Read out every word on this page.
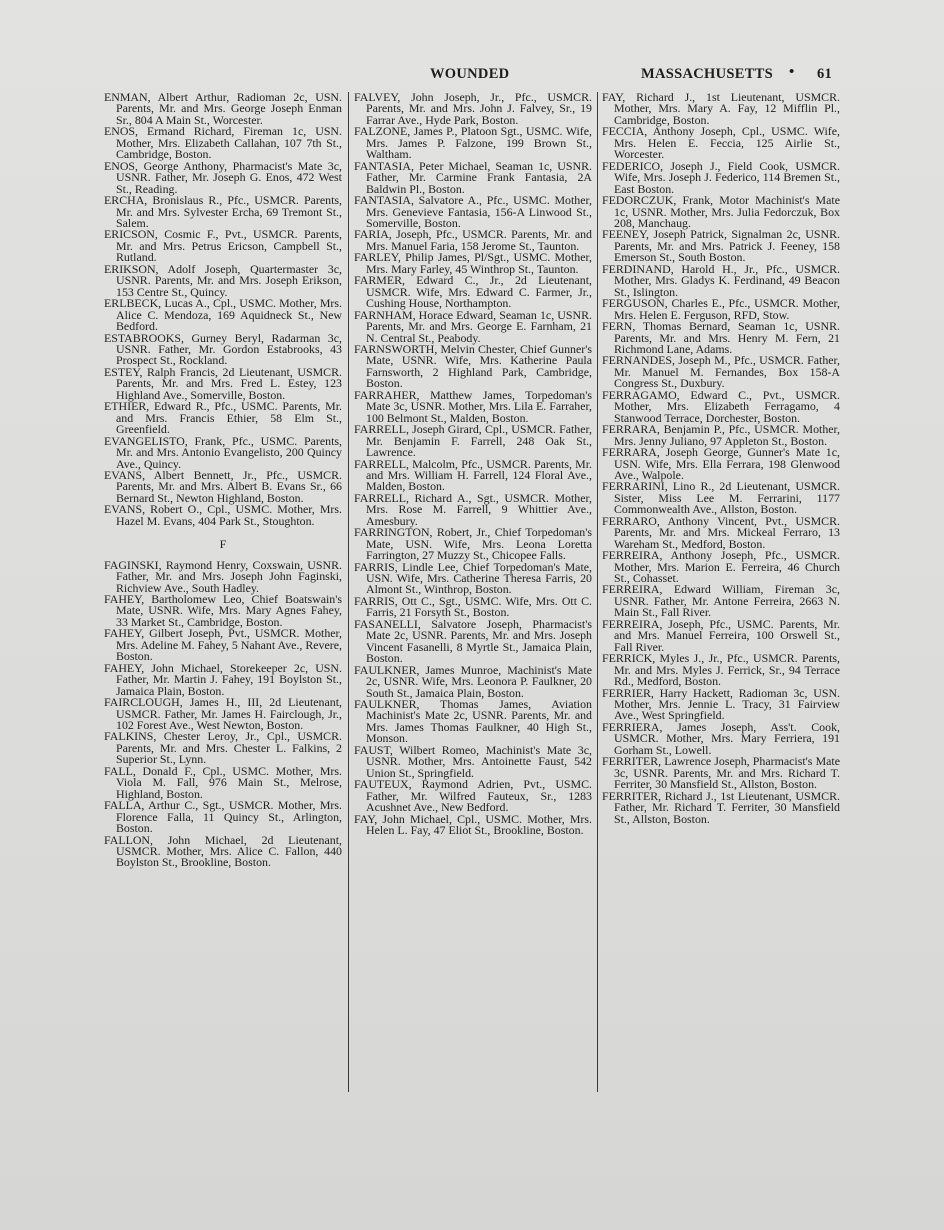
WOUNDED	MASSACHUSETTS • 61

ENMAN, Albert Arthur, Radioman 2c, USN. Parents, Mr. and Mrs. George Joseph Enman Sr., 804 A Main St., Worcester.

ENOS, Ermand Richard, Fireman 1c, USN. Mother, Mrs. Elizabeth Callahan, 107 7th St., Cambridge, Boston.

ENOS, George Anthony, Pharmacist's Mate 3c, USNR. Father, Mr. Joseph G. Enos, 472 West St., Reading.

ERCHA, Bronislaus R., Pfc., USMCR. Parents, Mr. and Mrs. Sylvester Ercha, 69 Tremont St., Salem.

ERICSON, Cosmic F., Pvt., USMCR. Parents, Mr. and Mrs. Petrus Ericson, Campbell St., Rutland.

ERIKSON, Adolf Joseph, Quartermaster 3c, USNR. Parents, Mr. and Mrs. Joseph Erikson, 153 Centre St., Quincy.

ERLBECK, Lucas A., Cpl., USMC. Mother, Mrs. Alice C. Mendoza, 169 Aquidneck St., New Bedford.

ESTABROOKS, Gurney Beryl, Radarman 3c, USNR. Father, Mr. Gordon Estabrooks, 43 Prospect St., Rockland.

ESTEY, Ralph Francis, 2d Lieutenant, USMCR. Parents, Mr. and Mrs. Fred L. Estey, 123 Highland Ave., Somerville, Boston.

ETHIER, Edward R., Pfc., USMC. Parents, Mr. and Mrs. Francis Ethier, 58 Elm St., Greenfield.

EVANGELISTO, Frank, Pfc., USMC. Parents, Mr. and Mrs. Antonio Evangelisto, 200 Quincy Ave., Quincy.

EVANS, Albert Bennett, Jr., Pfc., USMCR. Parents, Mr. and Mrs. Albert B. Evans Sr., 66 Bernard St., Newton Highland, Boston.

EVANS, Robert O., Cpl., USMC. Mother, Mrs. Hazel M. Evans, 404 Park St., Stoughton.

F

FAGINSKI, Raymond Henry, Coxswain, USNR. Father, Mr. and Mrs. Joseph John Faginski, Richview Ave., South Hadley.

FAHEY, Bartholomew Leo, Chief Boatswain's Mate, USNR. Wife, Mrs. Mary Agnes Fahey, 33 Market St., Cambridge, Boston.

FAHEY, Gilbert Joseph, Pvt., USMCR. Mother, Mrs. Adeline M. Fahey, 5 Nahant Ave., Revere, Boston.

FAHEY, John Michael, Storekeeper 2c, USN. Father, Mr. Martin J. Fahey, 191 Boylston St., Jamaica Plain, Boston.

FAIRCLOUGH, James H., III, 2d Lieutenant, USMCR. Father, Mr. James H. Fairclough, Jr., 102 Forest Ave., West Newton, Boston.

FALKINS, Chester Leroy, Jr., Cpl., USMCR. Parents, Mr. and Mrs. Chester L. Falkins, 2 Superior St., Lynn.

FALL, Donald F., Cpl., USMC. Mother, Mrs. Viola M. Fall, 976 Main St., Melrose, Highland, Boston.

FALLA, Arthur C., Sgt., USMCR. Mother, Mrs. Florence Falla, 11 Quincy St., Arlington, Boston.

FALLON, John Michael, 2d Lieutenant, USMCR. Mother, Mrs. Alice C. Fallon, 440 Boylston St., Brookline, Boston.

FALVEY, John Joseph, Jr., Pfc., USMCR. Parents, Mr. and Mrs. John J. Falvey, Sr., 19 Farrar Ave., Hyde Park, Boston.

FALZONE, James P., Platoon Sgt., USMC. Wife, Mrs. James P. Falzone, 199 Brown St., Waltham.

FANTASIA, Peter Michael, Seaman 1c, USNR. Father, Mr. Carmine Frank Fantasia, 2A Baldwin Pl., Boston.

FANTASIA, Salvatore A., Pfc., USMC. Mother, Mrs. Genevieve Fantasia, 156-A Linwood St., Somerville, Boston.

FARIA, Joseph, Pfc., USMCR. Parents, Mr. and Mrs. Manuel Faria, 158 Jerome St., Taunton.

FARLEY, Philip James, Pl/Sgt., USMC. Mother, Mrs. Mary Farley, 45 Winthrop St., Taunton.

FARMER, Edward C., Jr., 2d Lieutenant, USMCR. Wife, Mrs. Edward C. Farmer, Jr., Cushing House, Northampton.

FARNHAM, Horace Edward, Seaman 1c, USNR. Parents, Mr. and Mrs. George E. Farnham, 21 N. Central St., Peabody.

FARNSWORTH, Melvin Chester, Chief Gunner's Mate, USNR. Wife, Mrs. Katherine Paula Farnsworth, 2 Highland Park, Cambridge, Boston.

FARRAHER, Matthew James, Torpedoman's Mate 3c, USNR. Mother, Mrs. Lila E. Farraher, 100 Belmont St., Malden, Boston.

FARRELL, Joseph Girard, Cpl., USMCR. Father, Mr. Benjamin F. Farrell, 248 Oak St., Lawrence.

FARRELL, Malcolm, Pfc., USMCR. Parents, Mr. and Mrs. William H. Farrell, 124 Floral Ave., Malden, Boston.

FARRELL, Richard A., Sgt., USMCR. Mother, Mrs. Rose M. Farrell, 9 Whittier Ave., Amesbury.

FARRINGTON, Robert, Jr., Chief Torpedoman's Mate, USN. Wife, Mrs. Leona Loretta Farrington, 27 Muzzy St., Chicopee Falls.

FARRIS, Lindle Lee, Chief Torpedoman's Mate, USN. Wife, Mrs. Catherine Theresa Farris, 20 Almont St., Winthrop, Boston.

FARRIS, Ott C., Sgt., USMC. Wife, Mrs. Ott C. Farris, 21 Forsyth St., Boston.

FASANELLI, Salvatore Joseph, Pharmacist's Mate 2c, USNR. Parents, Mr. and Mrs. Joseph Vincent Fasanelli, 8 Myrtle St., Jamaica Plain, Boston.

FAULKNER, James Munroe, Machinist's Mate 2c, USNR. Wife, Mrs. Leonora P. Faulkner, 20 South St., Jamaica Plain, Boston.

FAULKNER, Thomas James, Aviation Machinist's Mate 2c, USNR. Parents, Mr. and Mrs. James Thomas Faulkner, 40 High St., Monson.

FAUST, Wilbert Romeo, Machinist's Mate 3c, USNR. Mother, Mrs. Antoinette Faust, 542 Union St., Springfield.

FAUTEUX, Raymond Adrien, Pvt., USMC. Father, Mr. Wilfred Fauteux, Sr., 1283 Acushnet Ave., New Bedford.

FAY, John Michael, Cpl., USMC. Mother, Mrs. Helen L. Fay, 47 Eliot St., Brookline, Boston.

FAY, Richard J., 1st Lieutenant, USMCR. Mother, Mrs. Mary A. Fay, 12 Mifflin Pl., Cambridge, Boston.

FECCIA, Anthony Joseph, Cpl., USMC. Wife, Mrs. Helen E. Feccia, 125 Airlie St., Worcester.

FEDERICO, Joseph J., Field Cook, USMCR. Wife, Mrs. Joseph J. Federico, 114 Bremen St., East Boston.

FEDORCZUK, Frank, Motor Machinist's Mate 1c, USNR. Mother, Mrs. Julia Fedorczuk, Box 208, Manchaug.

FEENEY, Joseph Patrick, Signalman 2c, USNR. Parents, Mr. and Mrs. Patrick J. Feeney, 158 Emerson St., South Boston.

FERDINAND, Harold H., Jr., Pfc., USMCR. Mother, Mrs. Gladys K. Ferdinand, 49 Beacon St., Islington.

FERGUSON, Charles E., Pfc., USMCR. Mother, Mrs. Helen E. Ferguson, RFD, Stow.

FERN, Thomas Bernard, Seaman 1c, USNR. Parents, Mr. and Mrs. Henry M. Fern, 21 Richmond Lane, Adams.

FERNANDES, Joseph M., Pfc., USMCR. Father, Mr. Manuel M. Fernandes, Box 158-A Congress St., Duxbury.

FERRAGAMO, Edward C., Pvt., USMCR. Mother, Mrs. Elizabeth Ferragamo, 4 Stanwood Terrace, Dorchester, Boston.

FERRARA, Benjamin P., Pfc., USMCR. Mother, Mrs. Jenny Juliano, 97 Appleton St., Boston.

FERRARA, Joseph George, Gunner's Mate 1c, USN. Wife, Mrs. Ella Ferrara, 198 Glenwood Ave., Walpole.

FERRARINI, Lino R., 2d Lieutenant, USMCR. Sister, Miss Lee M. Ferrarini, 1177 Commonwealth Ave., Allston, Boston.

FERRARO, Anthony Vincent, Pvt., USMCR. Parents, Mr. and Mrs. Mickeal Ferraro, 13 Wareham St., Medford, Boston.

FERREIRA, Anthony Joseph, Pfc., USMCR. Mother, Mrs. Marion E. Ferreira, 46 Church St., Cohasset.

FERREIRA, Edward William, Fireman 3c, USNR. Father, Mr. Antone Ferreira, 2663 N. Main St., Fall River.

FERREIRA, Joseph, Pfc., USMC. Parents, Mr. and Mrs. Manuel Ferreira, 100 Orswell St., Fall River.

FERRICK, Myles J., Jr., Pfc., USMCR. Parents, Mr. and Mrs. Myles J. Ferrick, Sr., 94 Terrace Rd., Medford, Boston.

FERRIER, Harry Hackett, Radioman 3c, USN. Mother, Mrs. Jennie L. Tracy, 31 Fairview Ave., West Springfield.

FERRIERA, James Joseph, Ass't. Cook, USMCR. Mother, Mrs. Mary Ferriera, 191 Gorham St., Lowell.

FERRITER, Lawrence Joseph, Pharmacist's Mate 3c, USNR. Parents, Mr. and Mrs. Richard T. Ferriter, 30 Mansfield St., Allston, Boston.

FERRITER, Richard J., 1st Lieutenant, USMCR. Father, Mr. Richard T. Ferriter, 30 Mansfield St., Allston, Boston.
